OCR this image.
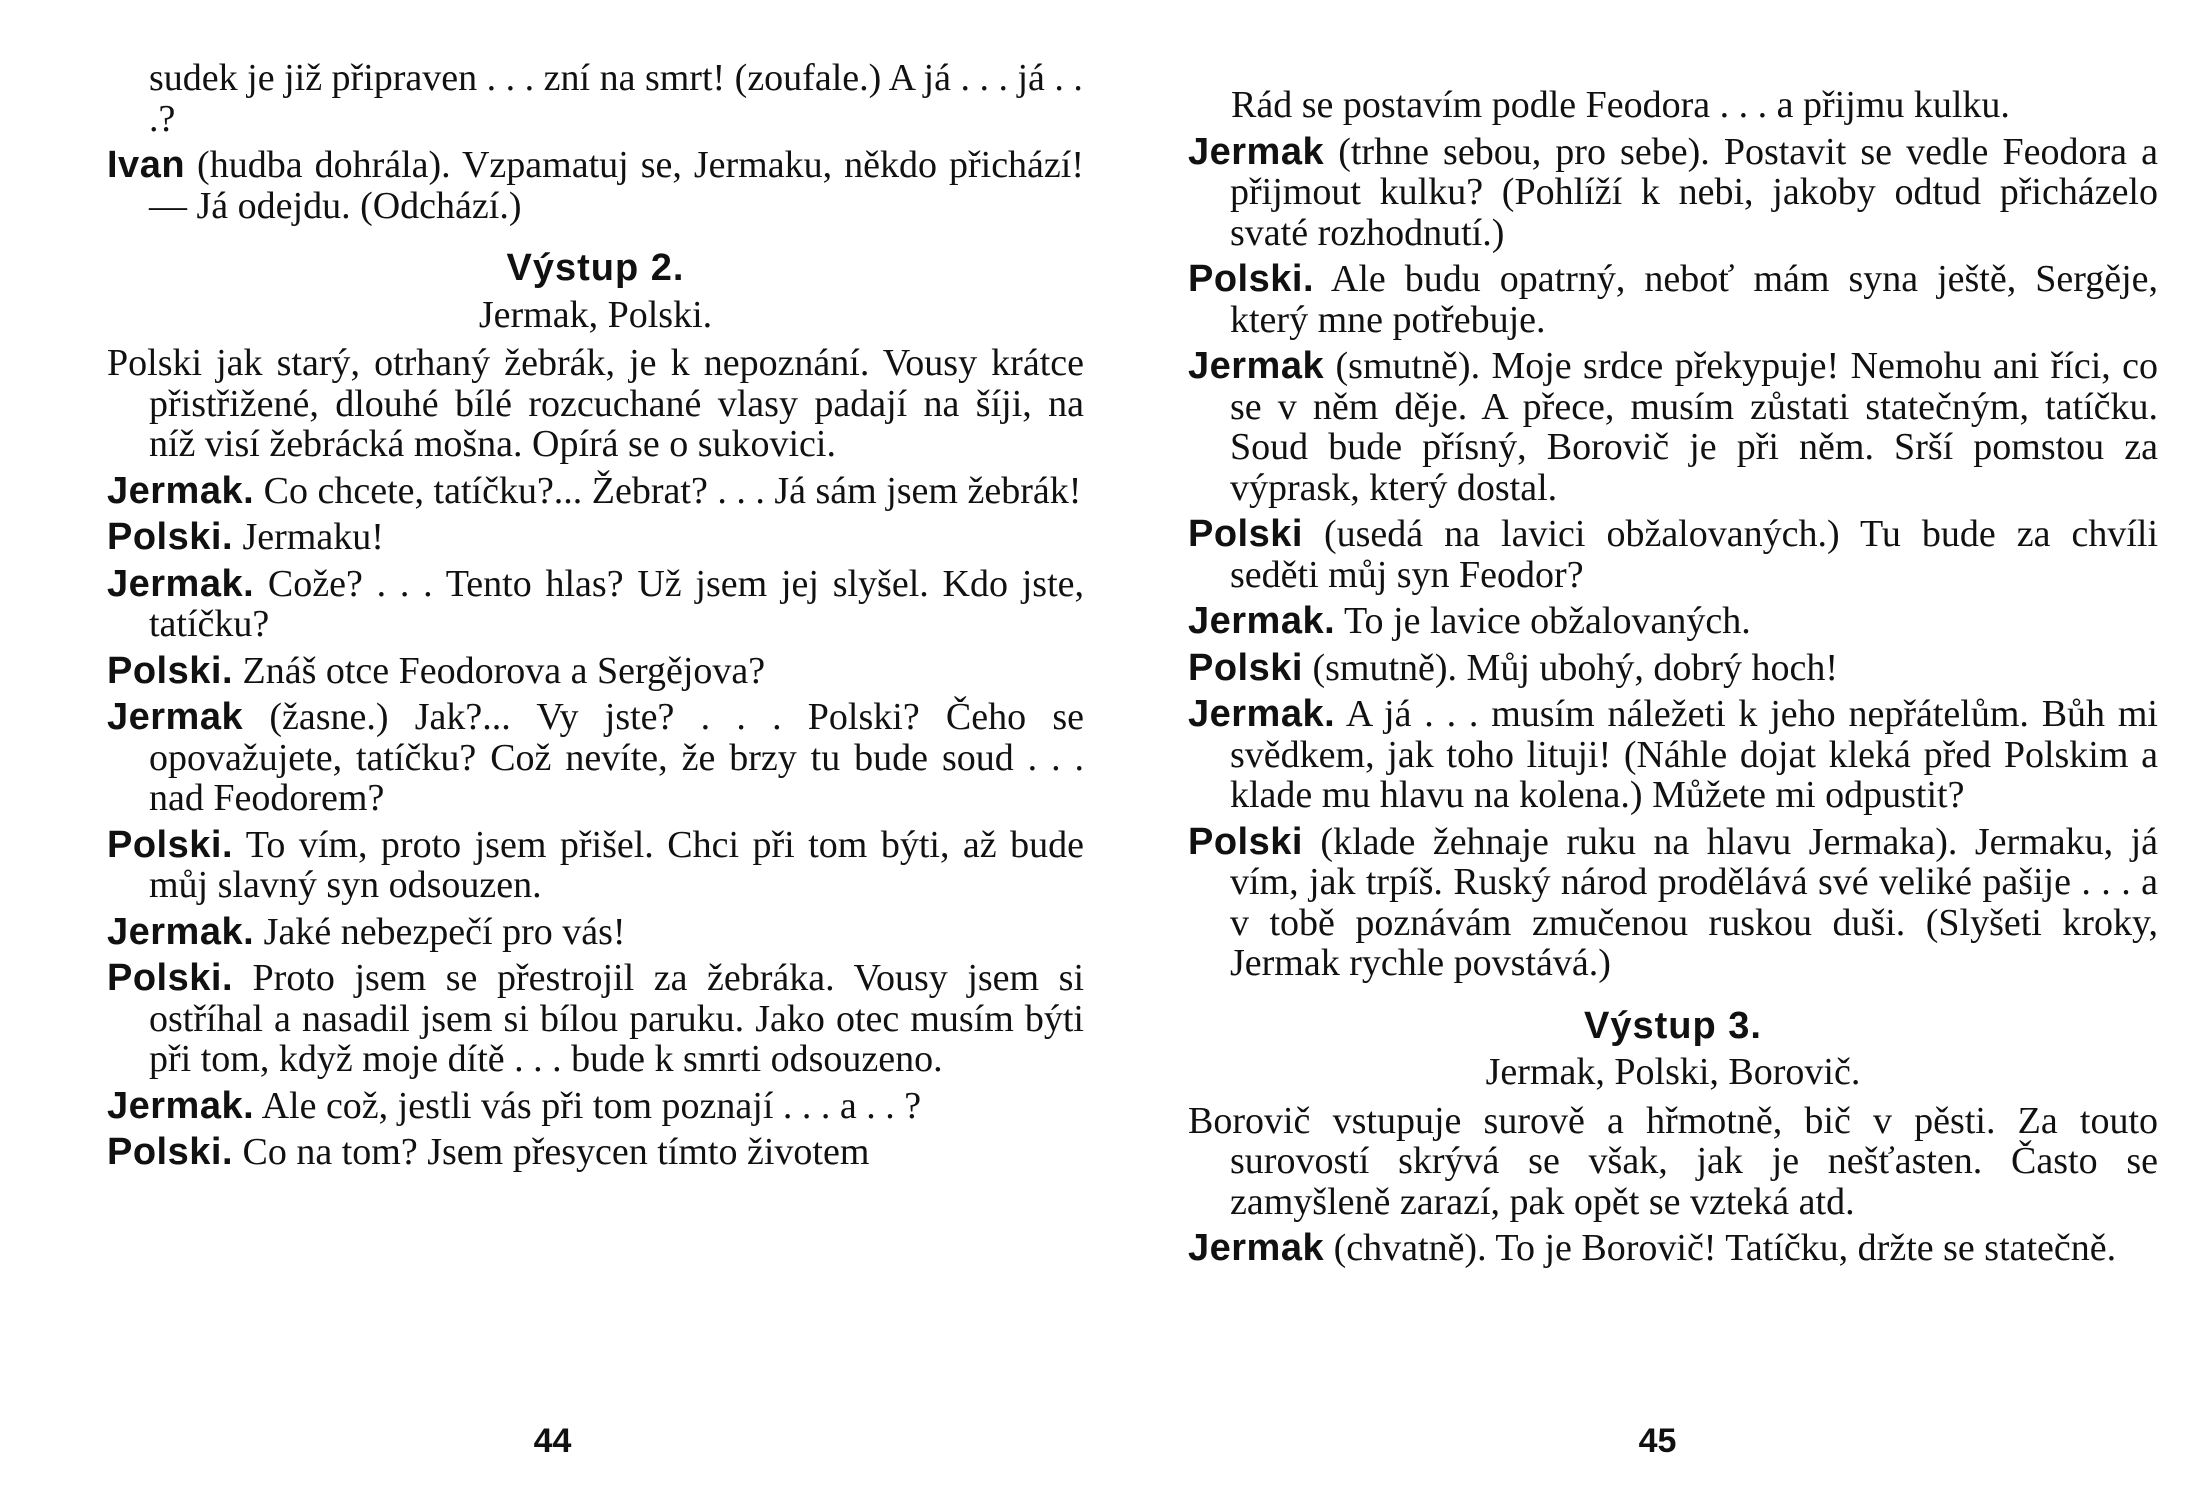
sudek je již připraven . . . zní na smrt! (zoufale.) A já . . . já . . .?

Ivan (hudba dohrála). Vzpamatuj se, Jermaku, někdo přichází! — Já odejdu. (Odchází.)

Výstup 2.
Jermak, Polski.

Polski jak starý, otrhaný žebrák, je k nepoznání. Vousy krátce přistřižené, dlouhé bílé rozcuchané vlasy padají na šíji, na níž visí žebrácká mošna. Opírá se o sukovici.

Jermak. Co chcete, tatíčku?... Žebrat? . . . Já sám jsem žebrák!

Polski. Jermaku!

Jermak. Cože? . . . Tento hlas? Už jsem jej slyšel. Kdo jste, tatíčku?

Polski. Znáš otce Feodorova a Sergějova?

Jermak (žasne.) Jak?... Vy jste? . . . Polski? Čeho se opovažujete, tatíčku? Což nevíte, že brzy tu bude soud . . . nad Feodorem?

Polski. To vím, proto jsem přišel. Chci při tom býti, až bude můj slavný syn odsouzen.

Jermak. Jaké nebezpečí pro vás!

Polski. Proto jsem se přestrojil za žebráka. Vousy jsem si ostříhal a nasadil jsem si bílou paruku. Jako otec musím býti při tom, když moje dítě . . . bude k smrti odsouzeno.

Jermak. Ale což, jestli vás při tom poznají . . . a . . ?

Polski. Co na tom? Jsem přesycen tímto životem

44

Rád se postavím podle Feodora . . . a přijmu kulku.

Jermak (trhne sebou, pro sebe). Postavit se vedle Feodora a přijmout kulku? (Pohlíží k nebi, jakoby odtud přicházelo svaté rozhodnutí.)

Polski. Ale budu opatrný, neboť mám syna ještě, Sergěje, který mne potřebuje.

Jermak (smutně). Moje srdce překypuje! Nemohu ani říci, co se v něm děje. A přece, musím zůstati statečným, tatíčku. Soud bude přísný, Borovič je při něm. Srší pomstou za výprask, který dostal.

Polski (usedá na lavici obžalovaných.) Tu bude za chvíli seděti můj syn Feodor?

Jermak. To je lavice obžalovaných.

Polski (smutně). Můj ubohý, dobrý hoch!

Jermak. A já . . . musím náležeti k jeho nepřátelům. Bůh mi svědkem, jak toho lituji! (Náhle dojat kleká před Polskim a klade mu hlavu na kolena.) Můžete mi odpustit?

Polski (klade žehnaje ruku na hlavu Jermaka). Jermaku, já vím, jak trpíš. Ruský národ prodělává své veliké pašije . . . a v tobě poznávám zmučenou ruskou duši. (Slyšeti kroky, Jermak rychle povstává.)

Výstup 3.
Jermak, Polski, Borovič.

Borovič vstupuje surově a hřmotně, bič v pěsti. Za touto surovostí skrývá se však, jak je nešťasten. Často se zamyšleně zarazí, pak opět se vzteká atd.

Jermak (chvatně). To je Borovič! Tatíčku, držte se statečně.

45
